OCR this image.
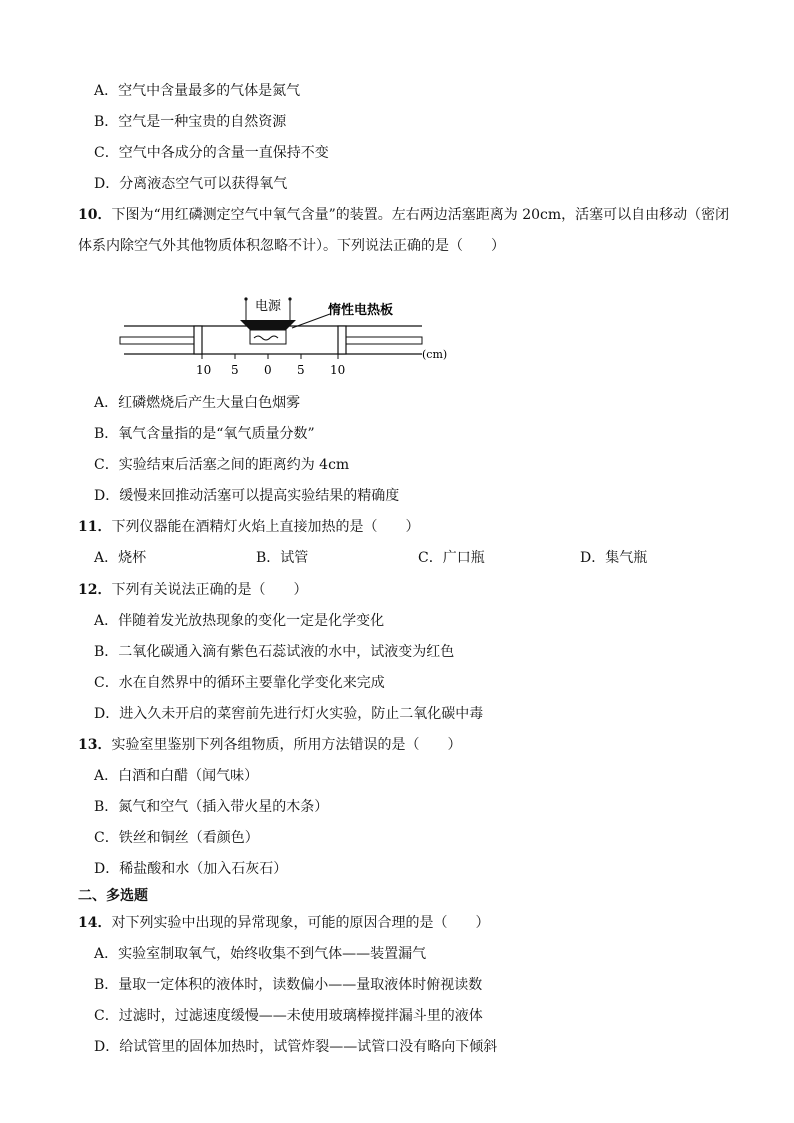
A．空气中含量最多的气体是氮气
B．空气是一种宝贵的自然资源
C．空气中各成分的含量一直保持不变
D．分离液态空气可以获得氧气
10．下图为“用红磷测定空气中氧气含量”的装置。左右两边活塞距离为 20cm，活塞可以自由移动（密闭
体系内除空气外其他物质体积忽略不计）。下列说法正确的是（　　）
电源	惰性电热板
(cm)
10 5 0 5 10
A．红磷燃烧后产生大量白色烟雾
B．氧气含量指的是“氧气质量分数”
C．实验结束后活塞之间的距离约为 4cm
D．缓慢来回推动活塞可以提高实验结果的精确度
11．下列仪器能在酒精灯火焰上直接加热的是（　　）
A．烧杯	B．试管	C．广口瓶	D．集气瓶
12．下列有关说法正确的是（　　）
A．伴随着发光放热现象的变化一定是化学变化
B．二氧化碳通入滴有紫色石蕊试液的水中，试液变为红色
C．水在自然界中的循环主要靠化学变化来完成
D．进入久未开启的菜窖前先进行灯火实验，防止二氧化碳中毒
13．实验室里鉴别下列各组物质，所用方法错误的是（　　）
A．白酒和白醋（闻气味）
B．氮气和空气（插入带火星的木条）
C．铁丝和铜丝（看颜色）
D．稀盐酸和水（加入石灰石）
二、多选题
14．对下列实验中出现的异常现象，可能的原因合理的是（　　）
A．实验室制取氧气，始终收集不到气体——装置漏气
B．量取一定体积的液体时，读数偏小——量取液体时俯视读数
C．过滤时，过滤速度缓慢——未使用玻璃棒搅拌漏斗里的液体
D．给试管里的固体加热时，试管炸裂——试管口没有略向下倾斜
